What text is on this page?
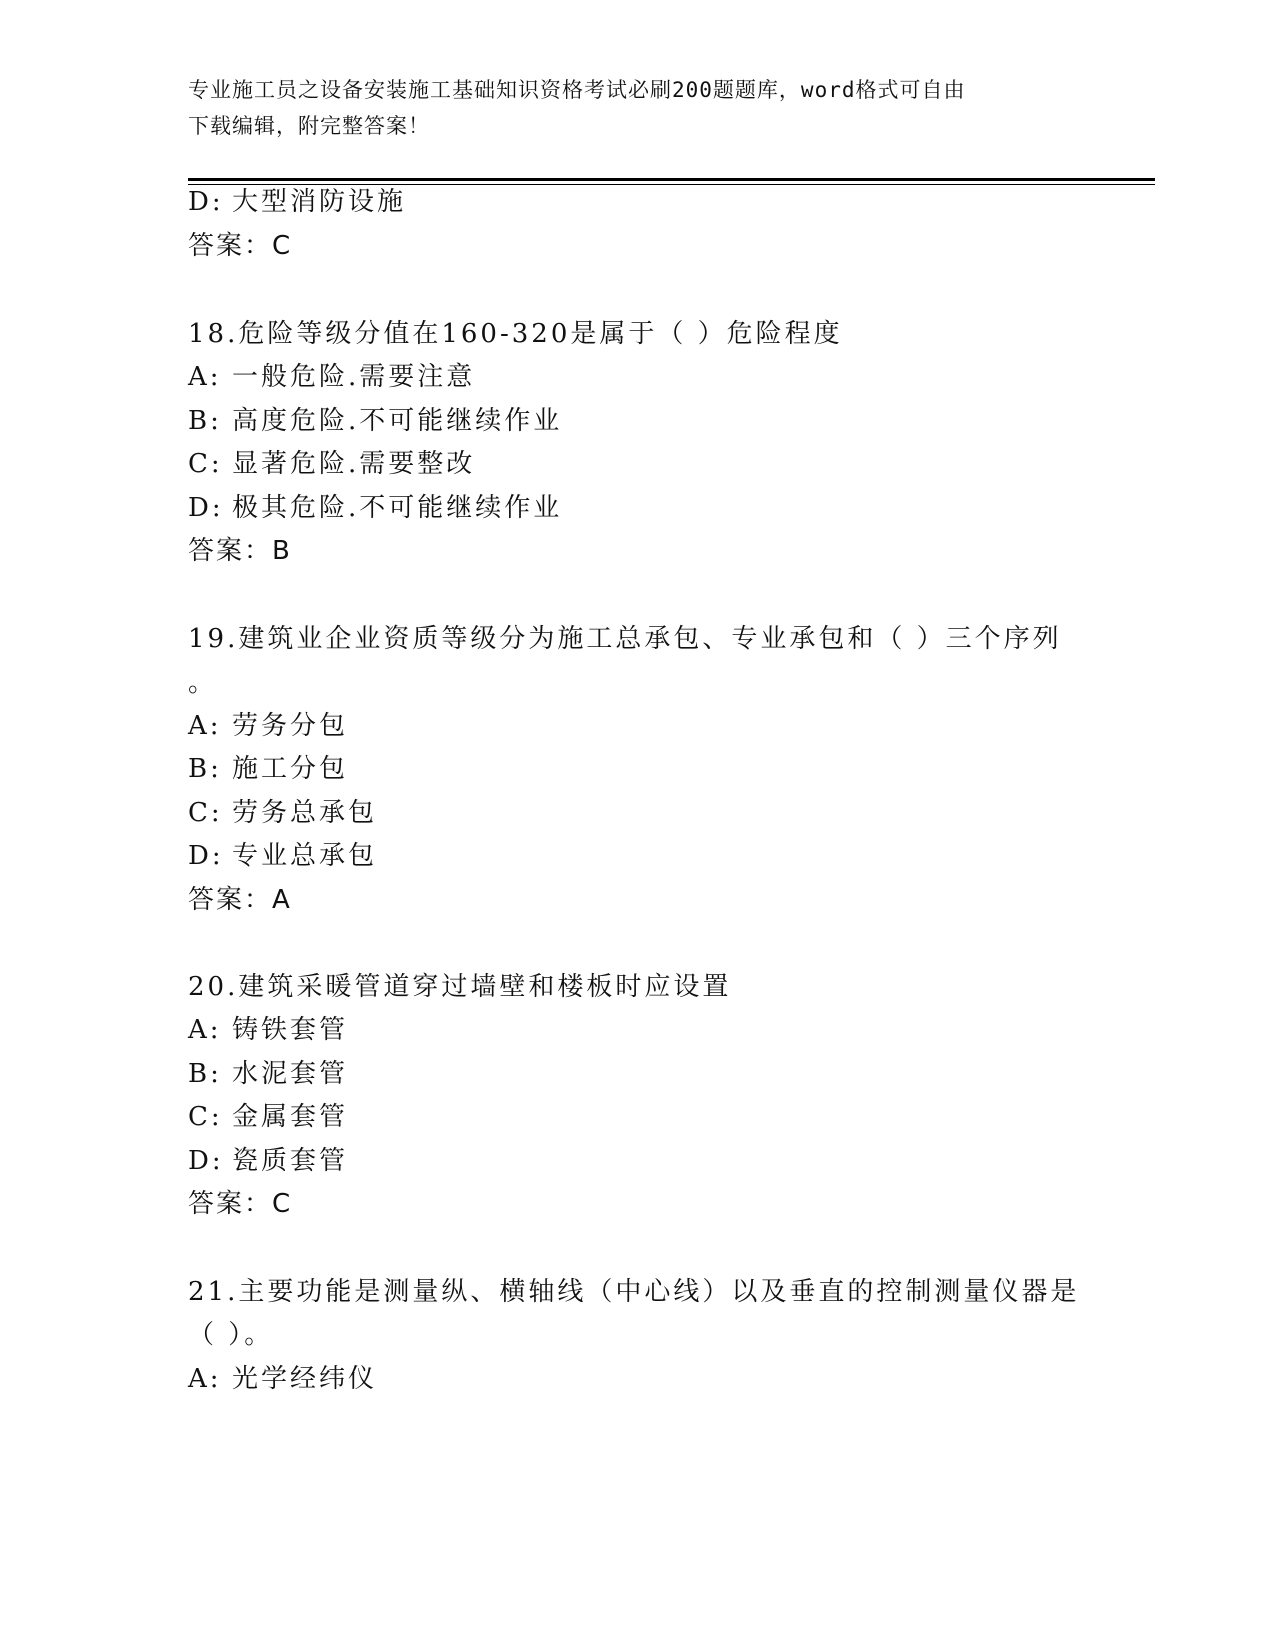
专业施工员之设备安装施工基础知识资格考试必刷200题题库，word格式可自由
下载编辑，附完整答案！
D: 大型消防设施
答案：C
18.危险等级分值在160-320是属于（ ）危险程度
A: 一般危险.需要注意
B: 高度危险.不可能继续作业
C: 显著危险.需要整改
D: 极其危险.不可能继续作业
答案：B
19.建筑业企业资质等级分为施工总承包、专业承包和（ ）三个序列
。
A: 劳务分包
B: 施工分包
C: 劳务总承包
D: 专业总承包
答案：A
20.建筑采暖管道穿过墙壁和楼板时应设置
A: 铸铁套管
B: 水泥套管
C: 金属套管
D: 瓷质套管
答案：C
21.主要功能是测量纵、横轴线（中心线）以及垂直的控制测量仪器是
（ ）。
A: 光学经纬仪
